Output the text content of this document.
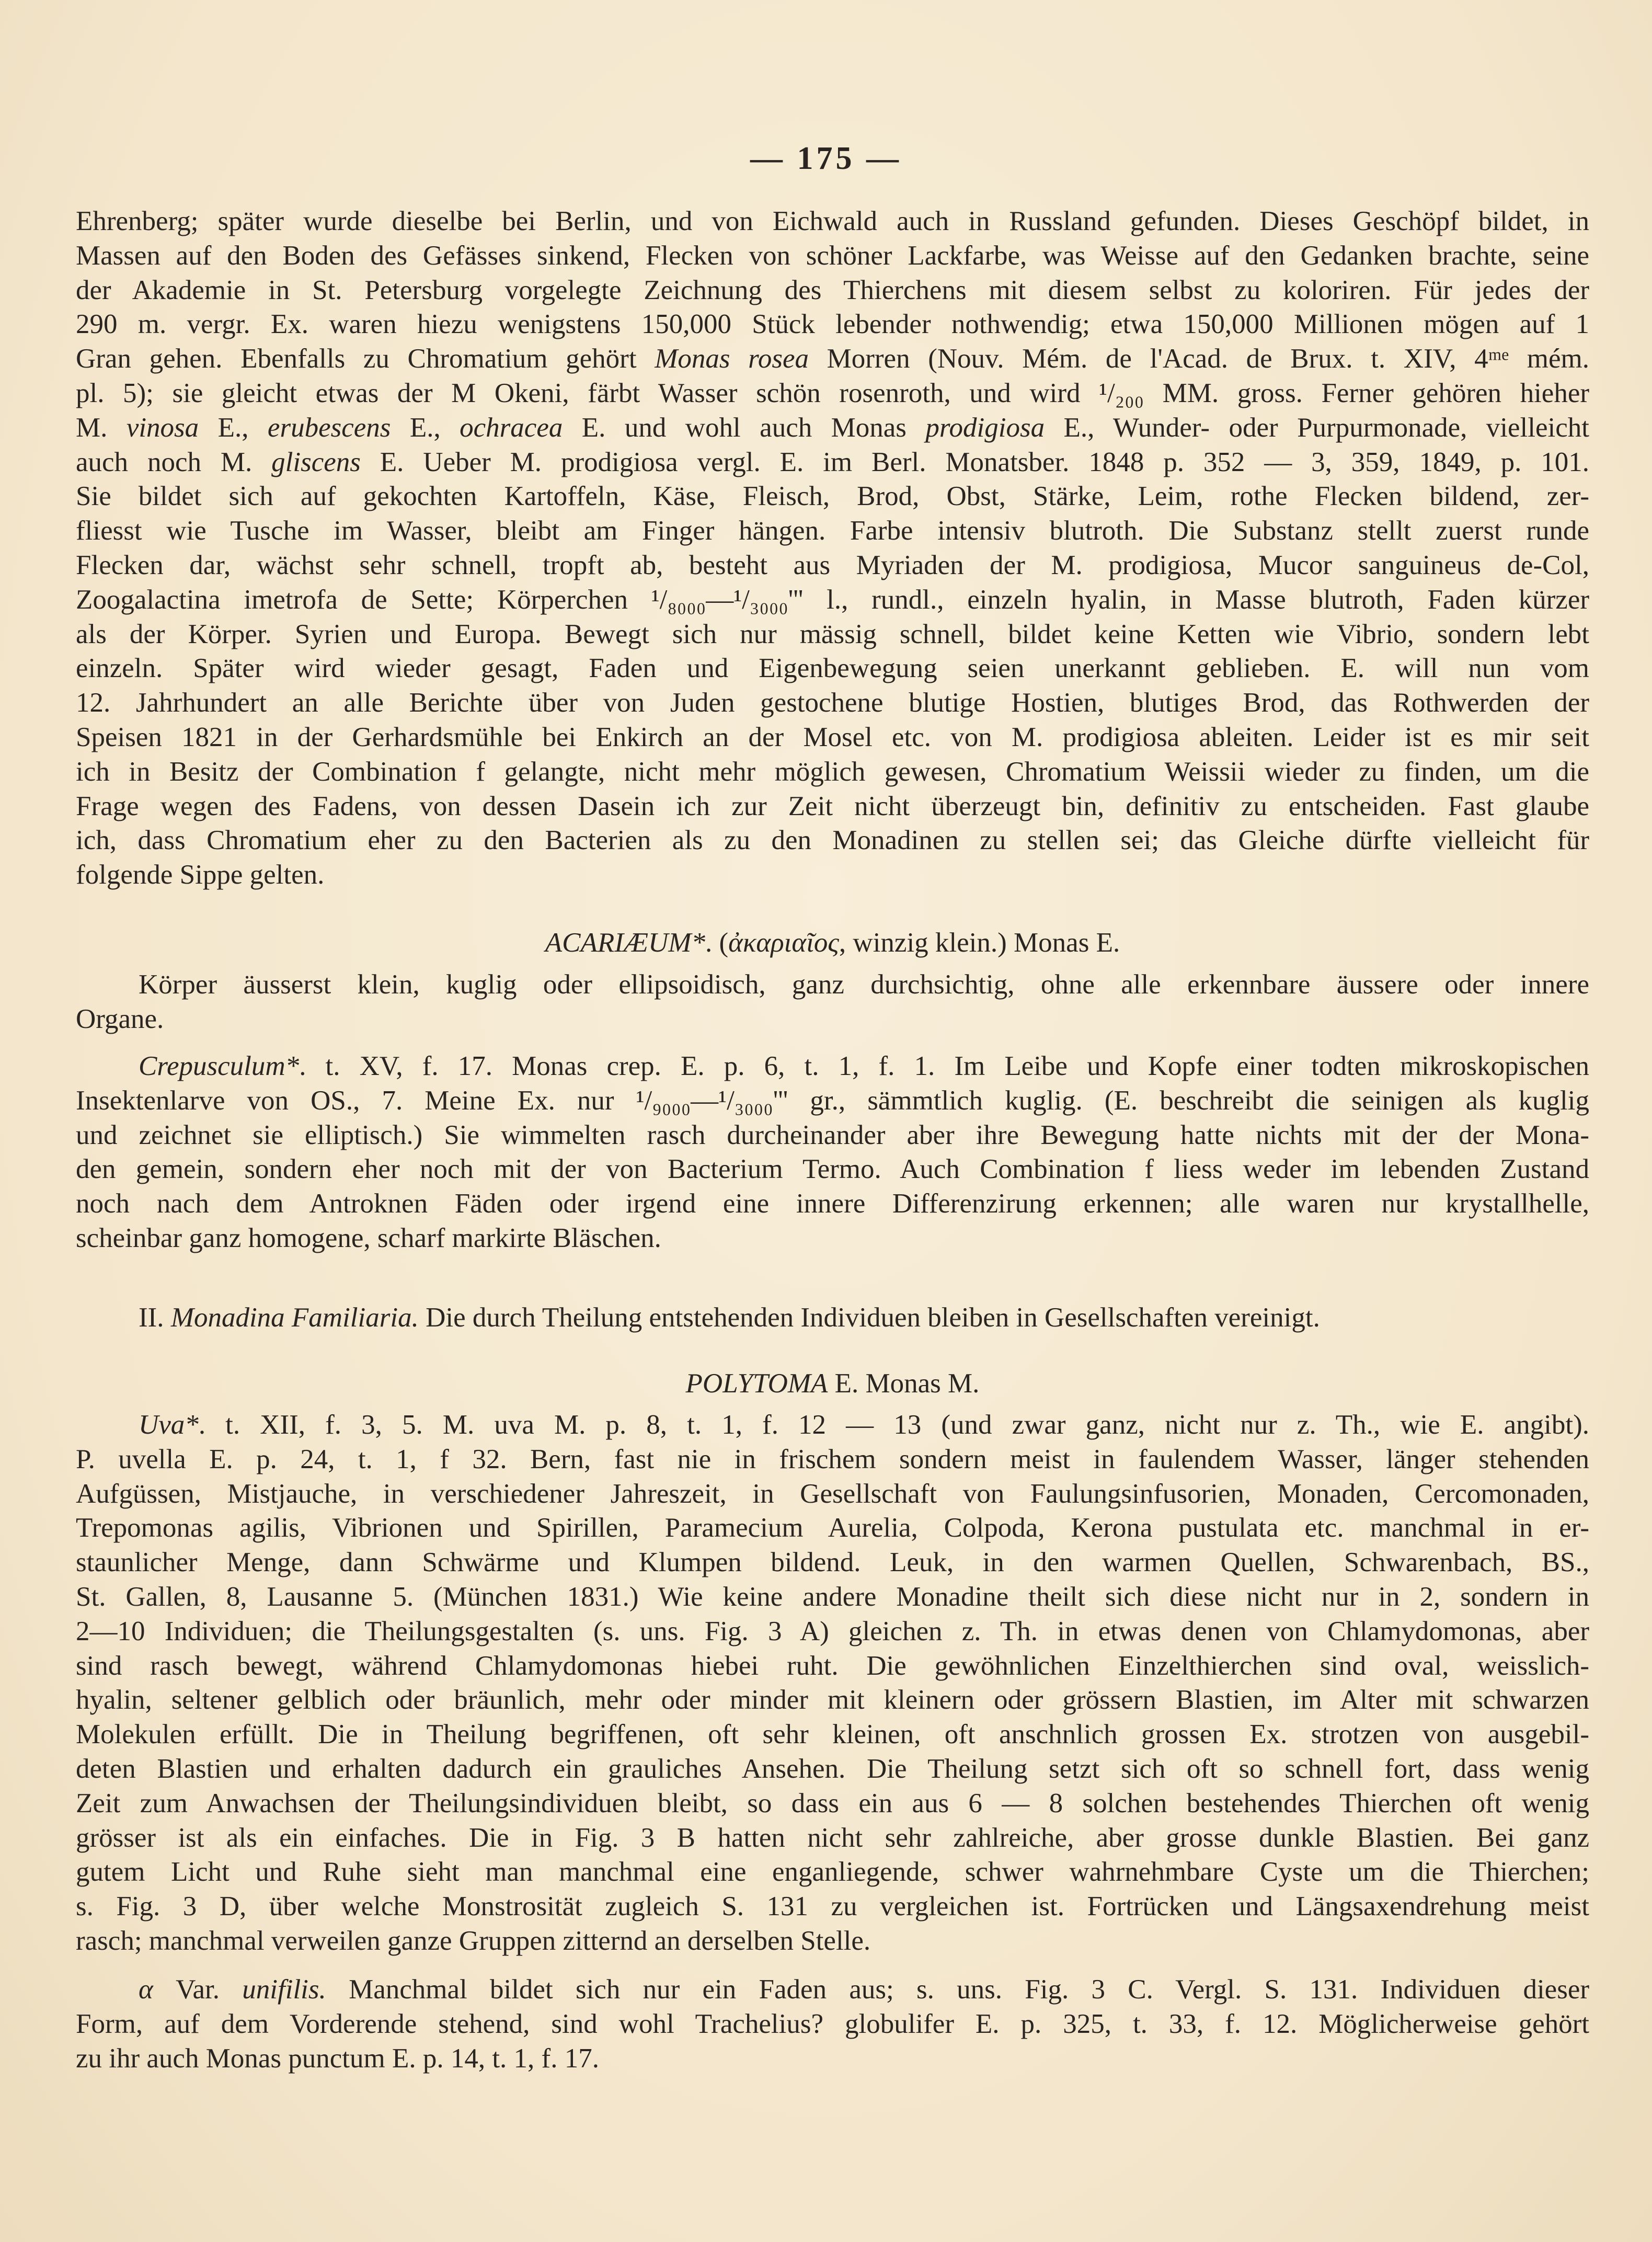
— 175 —
Ehrenberg; später wurde dieselbe bei Berlin, und von Eichwald auch in Russland gefunden. Dieses Geschöpf bildet, in
Massen auf den Boden des Gefässes sinkend, Flecken von schöner Lackfarbe, was Weisse auf den Gedanken brachte, seine
der Akademie in St. Petersburg vorgelegte Zeichnung des Thierchens mit diesem selbst zu koloriren. Für jedes der
290 m. vergr. Ex. waren hiezu wenigstens 150,000 Stück lebender nothwendig; etwa 150,000 Millionen mögen auf 1
Gran gehen. Ebenfalls zu Chromatium gehört Monas rosea Morren (Nouv. Mém. de l'Acad. de Brux. t. XIV, 4ᵐᵉ mém.
pl. 5); sie gleicht etwas der M Okeni, färbt Wasser schön rosenroth, und wird ¹/₂₀₀ MM. gross. Ferner gehören hieher
M. vinosa E., erubescens E., ochracea E. und wohl auch Monas prodigiosa E., Wunder- oder Purpurmonade, vielleicht
auch noch M. gliscens E. Ueber M. prodigiosa vergl. E. im Berl. Monatsber. 1848 p. 352 — 3, 359, 1849, p. 101.
Sie bildet sich auf gekochten Kartoffeln, Käse, Fleisch, Brod, Obst, Stärke, Leim, rothe Flecken bildend, zer-
fliesst wie Tusche im Wasser, bleibt am Finger hängen. Farbe intensiv blutroth. Die Substanz stellt zuerst runde
Flecken dar, wächst sehr schnell, tropft ab, besteht aus Myriaden der M. prodigiosa, Mucor sanguineus de-Col,
Zoogalactina imetrofa de Sette; Körperchen ¹/₈₀₀₀—¹/₃₀₀₀''' l., rundl., einzeln hyalin, in Masse blutroth, Faden kürzer
als der Körper. Syrien und Europa. Bewegt sich nur mässig schnell, bildet keine Ketten wie Vibrio, sondern lebt
einzeln. Später wird wieder gesagt, Faden und Eigenbewegung seien unerkannt geblieben. E. will nun vom
12. Jahrhundert an alle Berichte über von Juden gestochene blutige Hostien, blutiges Brod, das Rothwerden der
Speisen 1821 in der Gerhardsmühle bei Enkirch an der Mosel etc. von M. prodigiosa ableiten. Leider ist es mir seit
ich in Besitz der Combination f gelangte, nicht mehr möglich gewesen, Chromatium Weissii wieder zu finden, um die
Frage wegen des Fadens, von dessen Dasein ich zur Zeit nicht überzeugt bin, definitiv zu entscheiden. Fast glaube
ich, dass Chromatium eher zu den Bacterien als zu den Monadinen zu stellen sei; das Gleiche dürfte vielleicht für
folgende Sippe gelten.
ACARIÆUM*. (ἀκαριαῖος, winzig klein.) Monas E.
Körper äusserst klein, kuglig oder ellipsoidisch, ganz durchsichtig, ohne alle erkennbare äussere oder innere
Organe.
Crepusculum*. t. XV, f. 17. Monas crep. E. p. 6, t. 1, f. 1. Im Leibe und Kopfe einer todten mikroskopischen
Insektenlarve von OS., 7. Meine Ex. nur ¹/₉₀₀₀—¹/₃₀₀₀''' gr., sämmtlich kuglig. (E. beschreibt die seinigen als kuglig
und zeichnet sie elliptisch.) Sie wimmelten rasch durcheinander aber ihre Bewegung hatte nichts mit der der Mona-
den gemein, sondern eher noch mit der von Bacterium Termo. Auch Combination f liess weder im lebenden Zustand
noch nach dem Antroknen Fäden oder irgend eine innere Differenzirung erkennen; alle waren nur krystallhelle,
scheinbar ganz homogene, scharf markirte Bläschen.
II. Monadina Familiaria. Die durch Theilung entstehenden Individuen bleiben in Gesellschaften vereinigt.
POLYTOMA E. Monas M.
Uva*. t. XII, f. 3, 5. M. uva M. p. 8, t. 1, f. 12 — 13 (und zwar ganz, nicht nur z. Th., wie E. angibt).
P. uvella E. p. 24, t. 1, f 32. Bern, fast nie in frischem sondern meist in faulendem Wasser, länger stehenden
Aufgüssen, Mistjauche, in verschiedener Jahreszeit, in Gesellschaft von Faulungsinfusorien, Monaden, Cercomonaden,
Trepomonas agilis, Vibrionen und Spirillen, Paramecium Aurelia, Colpoda, Kerona pustulata etc. manchmal in er-
staunlicher Menge, dann Schwärme und Klumpen bildend. Leuk, in den warmen Quellen, Schwarenbach, BS.,
St. Gallen, 8, Lausanne 5. (München 1831.) Wie keine andere Monadine theilt sich diese nicht nur in 2, sondern in
2—10 Individuen; die Theilungsgestalten (s. uns. Fig. 3 A) gleichen z. Th. in etwas denen von Chlamydomonas, aber
sind rasch bewegt, während Chlamydomonas hiebei ruht. Die gewöhnlichen Einzelthierchen sind oval, weisslich-
hyalin, seltener gelblich oder bräunlich, mehr oder minder mit kleinern oder grössern Blastien, im Alter mit schwarzen
Molekulen erfüllt. Die in Theilung begriffenen, oft sehr kleinen, oft anschnlich grossen Ex. strotzen von ausgebil-
deten Blastien und erhalten dadurch ein grauliches Ansehen. Die Theilung setzt sich oft so schnell fort, dass wenig
Zeit zum Anwachsen der Theilungsindividuen bleibt, so dass ein aus 6 — 8 solchen bestehendes Thierchen oft wenig
grösser ist als ein einfaches. Die in Fig. 3 B hatten nicht sehr zahlreiche, aber grosse dunkle Blastien. Bei ganz
gutem Licht und Ruhe sieht man manchmal eine enganliegende, schwer wahrnehmbare Cyste um die Thierchen;
s. Fig. 3 D, über welche Monstrosität zugleich S. 131 zu vergleichen ist. Fortrücken und Längsaxendrehung meist
rasch; manchmal verweilen ganze Gruppen zitternd an derselben Stelle.
α Var. unifilis. Manchmal bildet sich nur ein Faden aus; s. uns. Fig. 3 C. Vergl. S. 131. Individuen dieser
Form, auf dem Vorderende stehend, sind wohl Trachelius? globulifer E. p. 325, t. 33, f. 12. Möglicherweise gehört
zu ihr auch Monas punctum E. p. 14, t. 1, f. 17.
